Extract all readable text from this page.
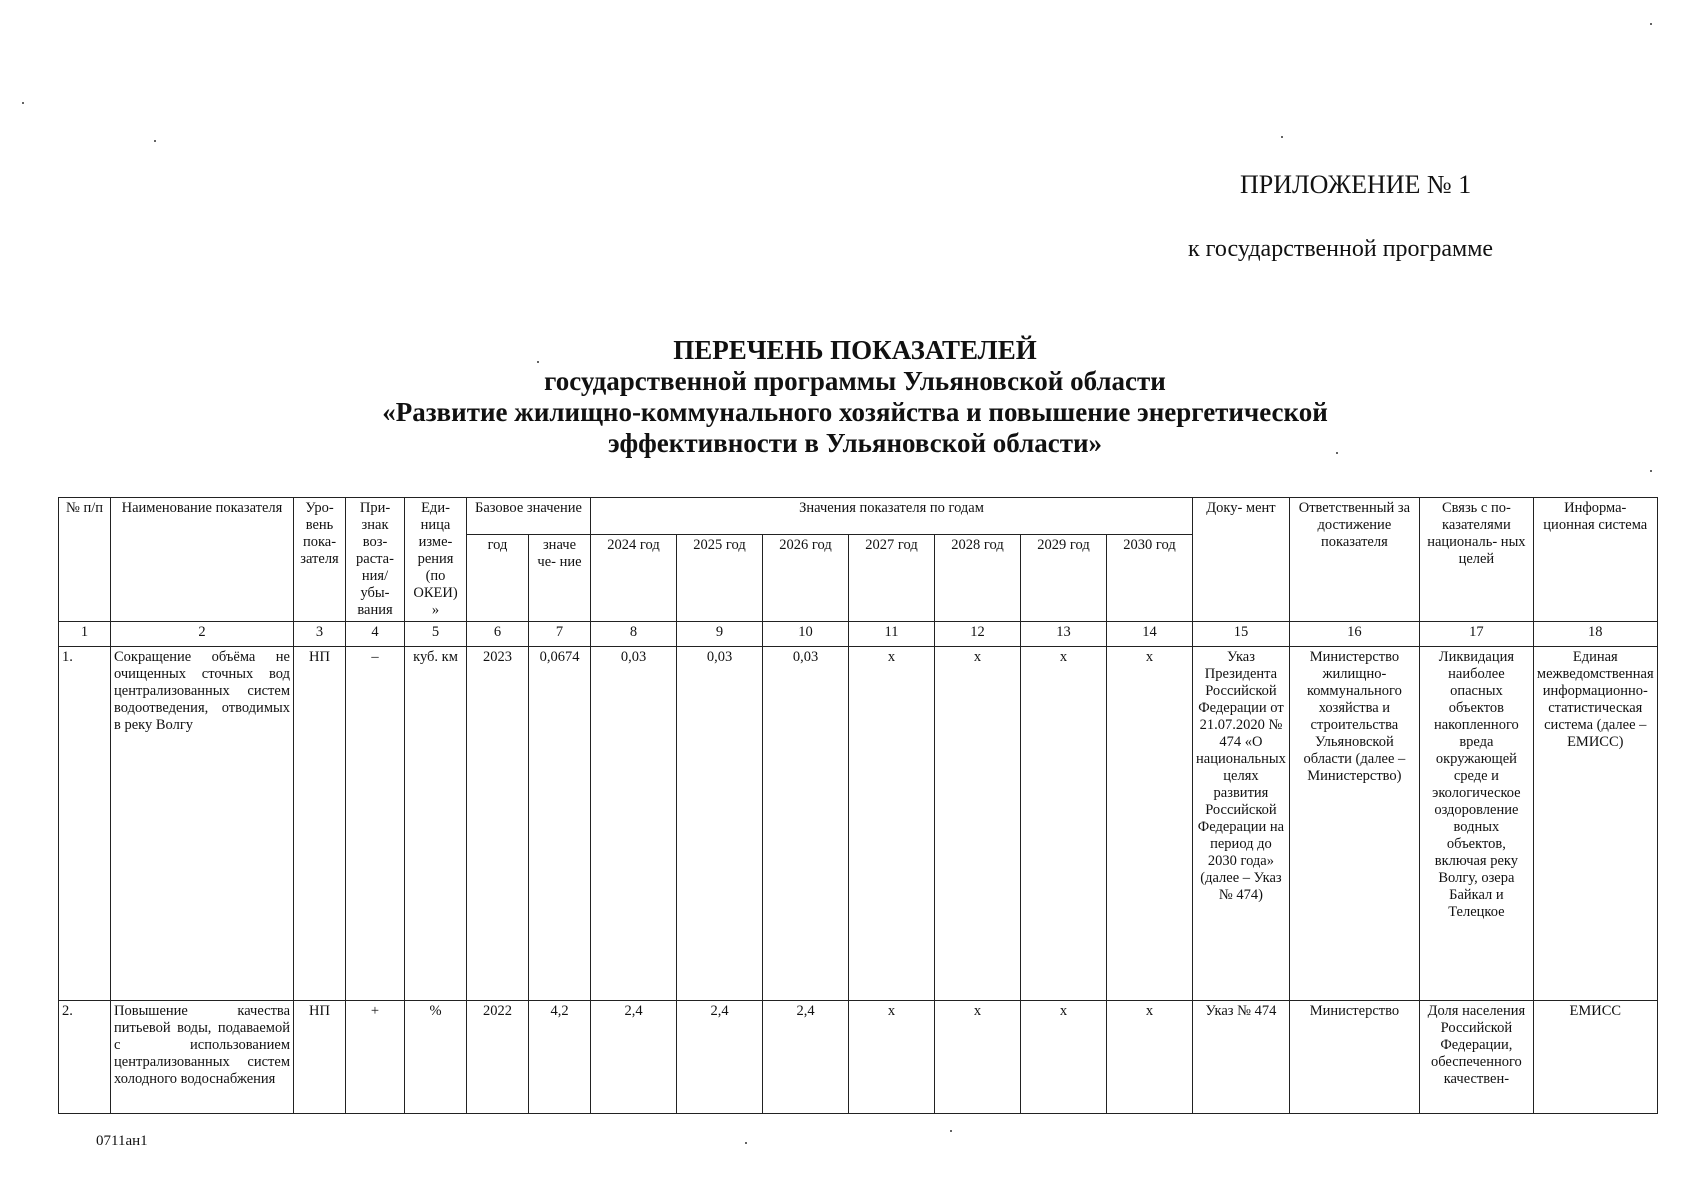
ПРИЛОЖЕНИЕ № 1
к государственной программе
ПЕРЕЧЕНЬ ПОКАЗАТЕЛЕЙ
государственной программы Ульяновской области
«Развитие жилищно-коммунального хозяйства и повышение энергетической
эффективности в Ульяновской области»
№ п/п	Наименование показателя	Уро- вень пока- зателя	При- знак воз- раста- ния/ убы- вания	Еди- ница изме- рения (по ОКЕИ) »	Базовое значение		Значения показателя по годам							Доку- мент	Ответственный за достижение показателя	Связь с по- казателями националь- ных целей	Информа- ционная система
					год	значе че- ние	2024 год	2025 год	2026 год	2027 год	2028 год	2029 год	2030 год				
1	2	3	4	5	6	7	8	9	10	11	12	13	14	15	16	17	18
1.	Сокращение объёма не очищенных сточных вод централизованных систем водоотведения, отводимых в реку Волгу	НП	–	куб. км	2023	0,0674	0,03	0,03	0,03	x	x	x	x	Указ Президента Российской Федерации от 21.07.2020 № 474 «О национальных целях развития Российской Федерации на период до 2030 года» (далее – Указ № 474)	Министерство жилищно-коммунального хозяйства и строительства Ульяновской области (далее – Министерство)	Ликвидация наиболее опасных объектов накопленного вреда окружающей среде и экологическое оздоровление водных объектов, включая реку Волгу, озера Байкал и Телецкое	Единая межведомственная информационно-статистическая система (далее – ЕМИСС)
2.	Повышение качества питьевой воды, подаваемой с использованием централизованных систем холодного водоснабжения	НП	+	%	2022	4,2	2,4	2,4	2,4	x	x	x	x	Указ № 474	Министерство	Доля населения Российской Федерации, обеспеченного качествен-	ЕМИСС
0711ан1
